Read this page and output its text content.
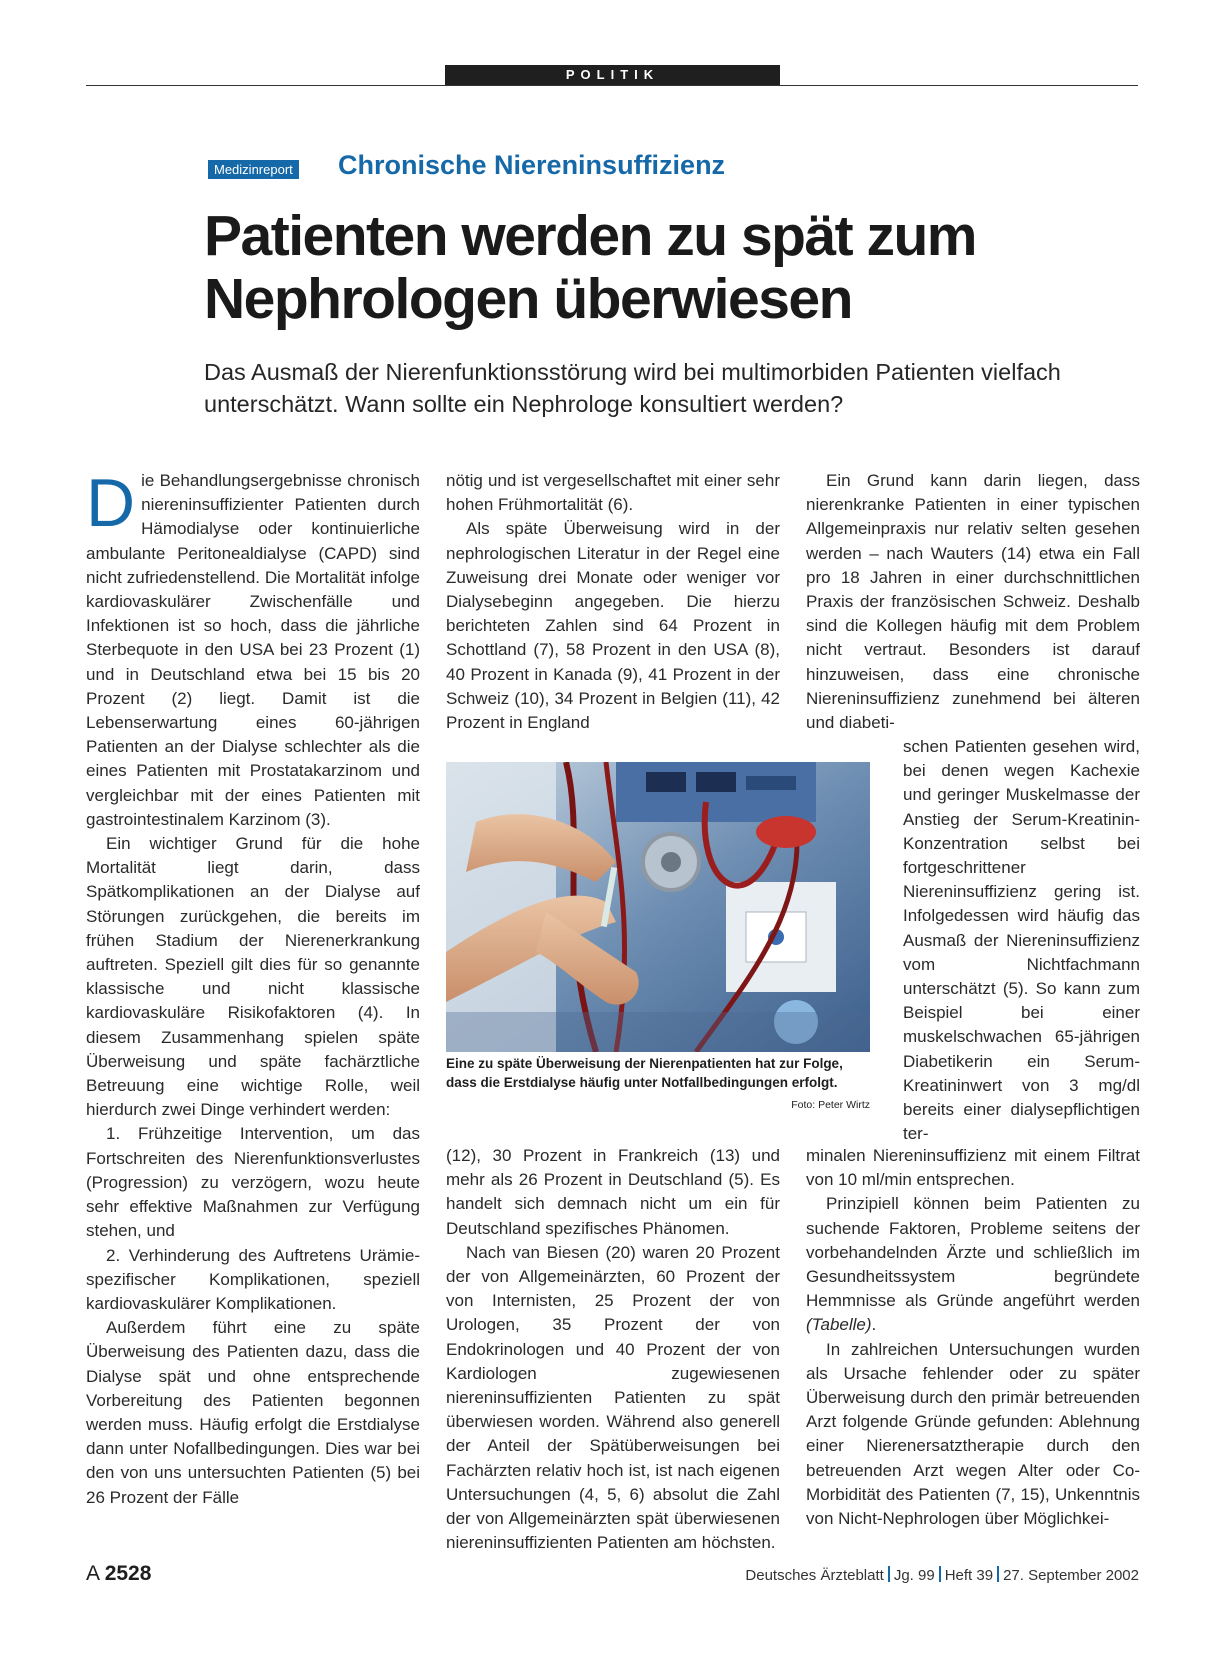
POLITIK
Medizinreport Chronische Niereninsuffizienz
Patienten werden zu spät zum Nephrologen überwiesen

Das Ausmaß der Nierenfunktionsstörung wird bei multimorbiden Patienten vielfach unterschätzt. Wann sollte ein Nephrologe konsultiert werden?

Die Behandlungsergebnisse chronisch niereninsuffizienter Patienten durch Hämodialyse oder kontinuierliche ambulante Peritonealdialyse (CAPD) sind nicht zufriedenstellend. Die Mortalität infolge kardiovaskulärer Zwischenfälle und Infektionen ist so hoch, dass die jährliche Sterbequote in den USA bei 23 Prozent (1) und in Deutschland etwa bei 15 bis 20 Prozent (2) liegt. Damit ist die Lebenserwartung eines 60-jährigen Patienten an der Dialyse schlechter als die eines Patienten mit Prostatakarzinom und vergleichbar mit der eines Patienten mit gastrointestinalem Karzinom (3).

Ein wichtiger Grund für die hohe Mortalität liegt darin, dass Spätkomplikationen an der Dialyse auf Störungen zurückgehen, die bereits im frühen Stadium der Nierenerkrankung auftreten. Speziell gilt dies für so genannte klassische und nicht klassische kardiovaskuläre Risikofaktoren (4). In diesem Zusammenhang spielen späte Überweisung und späte fachärztliche Betreuung eine wichtige Rolle, weil hierdurch zwei Dinge verhindert werden:

1. Frühzeitige Intervention, um das Fortschreiten des Nierenfunktionsverlustes (Progression) zu verzögern, wozu heute sehr effektive Maßnahmen zur Verfügung stehen, und

2. Verhinderung des Auftretens Urämie-spezifischer Komplikationen, speziell kardiovaskulärer Komplikationen.

Außerdem führt eine zu späte Überweisung des Patienten dazu, dass die Dialyse spät und ohne entsprechende Vorbereitung des Patienten begonnen werden muss. Häufig erfolgt die Erstdialyse dann unter Nofallbedingungen. Dies war bei den von uns untersuchten Patienten (5) bei 26 Prozent der Fälle

nötig und ist vergesellschaftet mit einer sehr hohen Frühmortalität (6).

Als späte Überweisung wird in der nephrologischen Literatur in der Regel eine Zuweisung drei Monate oder weniger vor Dialysebeginn angegeben. Die hierzu berichteten Zahlen sind 64 Prozent in Schottland (7), 58 Prozent in den USA (8), 40 Prozent in Kanada (9), 41 Prozent in der Schweiz (10), 34 Prozent in Belgien (11), 42 Prozent in England

Eine zu späte Überweisung der Nierenpatienten hat zur Folge, dass die Erstdialyse häufig unter Notfallbedingungen erfolgt.
Foto: Peter Wirtz

(12), 30 Prozent in Frankreich (13) und mehr als 26 Prozent in Deutschland (5). Es handelt sich demnach nicht um ein für Deutschland spezifisches Phänomen.

Nach van Biesen (20) waren 20 Prozent der von Allgemeinärzten, 60 Prozent der von Internisten, 25 Prozent der von Urologen, 35 Prozent der von Endokrinologen und 40 Prozent der von Kardiologen zugewiesenen niereninsuffizienten Patienten zu spät überwiesen worden. Während also generell der Anteil der Spätüberweisungen bei Fachärzten relativ hoch ist, ist nach eigenen Untersuchungen (4, 5, 6) absolut die Zahl der von Allgemeinärzten spät überwiesenen niereninsuffizienten Patienten am höchsten.

Ein Grund kann darin liegen, dass nierenkranke Patienten in einer typischen Allgemeinpraxis nur relativ selten gesehen werden – nach Wauters (14) etwa ein Fall pro 18 Jahren in einer durchschnittlichen Praxis der französischen Schweiz. Deshalb sind die Kollegen häufig mit dem Problem nicht vertraut. Besonders ist darauf hinzuweisen, dass eine chronische Niereninsuffizienz zunehmend bei älteren und diabeti-

schen Patienten gesehen wird, bei denen wegen Kachexie und geringer Muskelmasse der Anstieg der Serum-Kreatinin-Konzentration selbst bei fortgeschrittener Niereninsuffizienz gering ist. Infolgedessen wird häufig das Ausmaß der Niereninsuffizienz vom Nichtfachmann unterschätzt (5). So kann zum Beispiel bei einer muskelschwachen 65-jährigen Diabetikerin ein Serum-Kreatininwert von 3 mg/dl bereits einer dialysepflichtigen ter-

minalen Niereninsuffizienz mit einem Filtrat von 10 ml/min entsprechen.

Prinzipiell können beim Patienten zu suchende Faktoren, Probleme seitens der vorbehandelnden Ärzte und schließlich im Gesundheitssystem begründete Hemmnisse als Gründe angeführt werden (Tabelle).

In zahlreichen Untersuchungen wurden als Ursache fehlender oder zu später Überweisung durch den primär betreuenden Arzt folgende Gründe gefunden: Ablehnung einer Nierenersatztherapie durch den betreuenden Arzt wegen Alter oder Co-Morbidität des Patienten (7, 15), Unkenntnis von Nicht-Nephrologen über Möglichkei-

A 2528	Deutsches Ärzteblatt Jg. 99 Heft 39 27. September 2002
